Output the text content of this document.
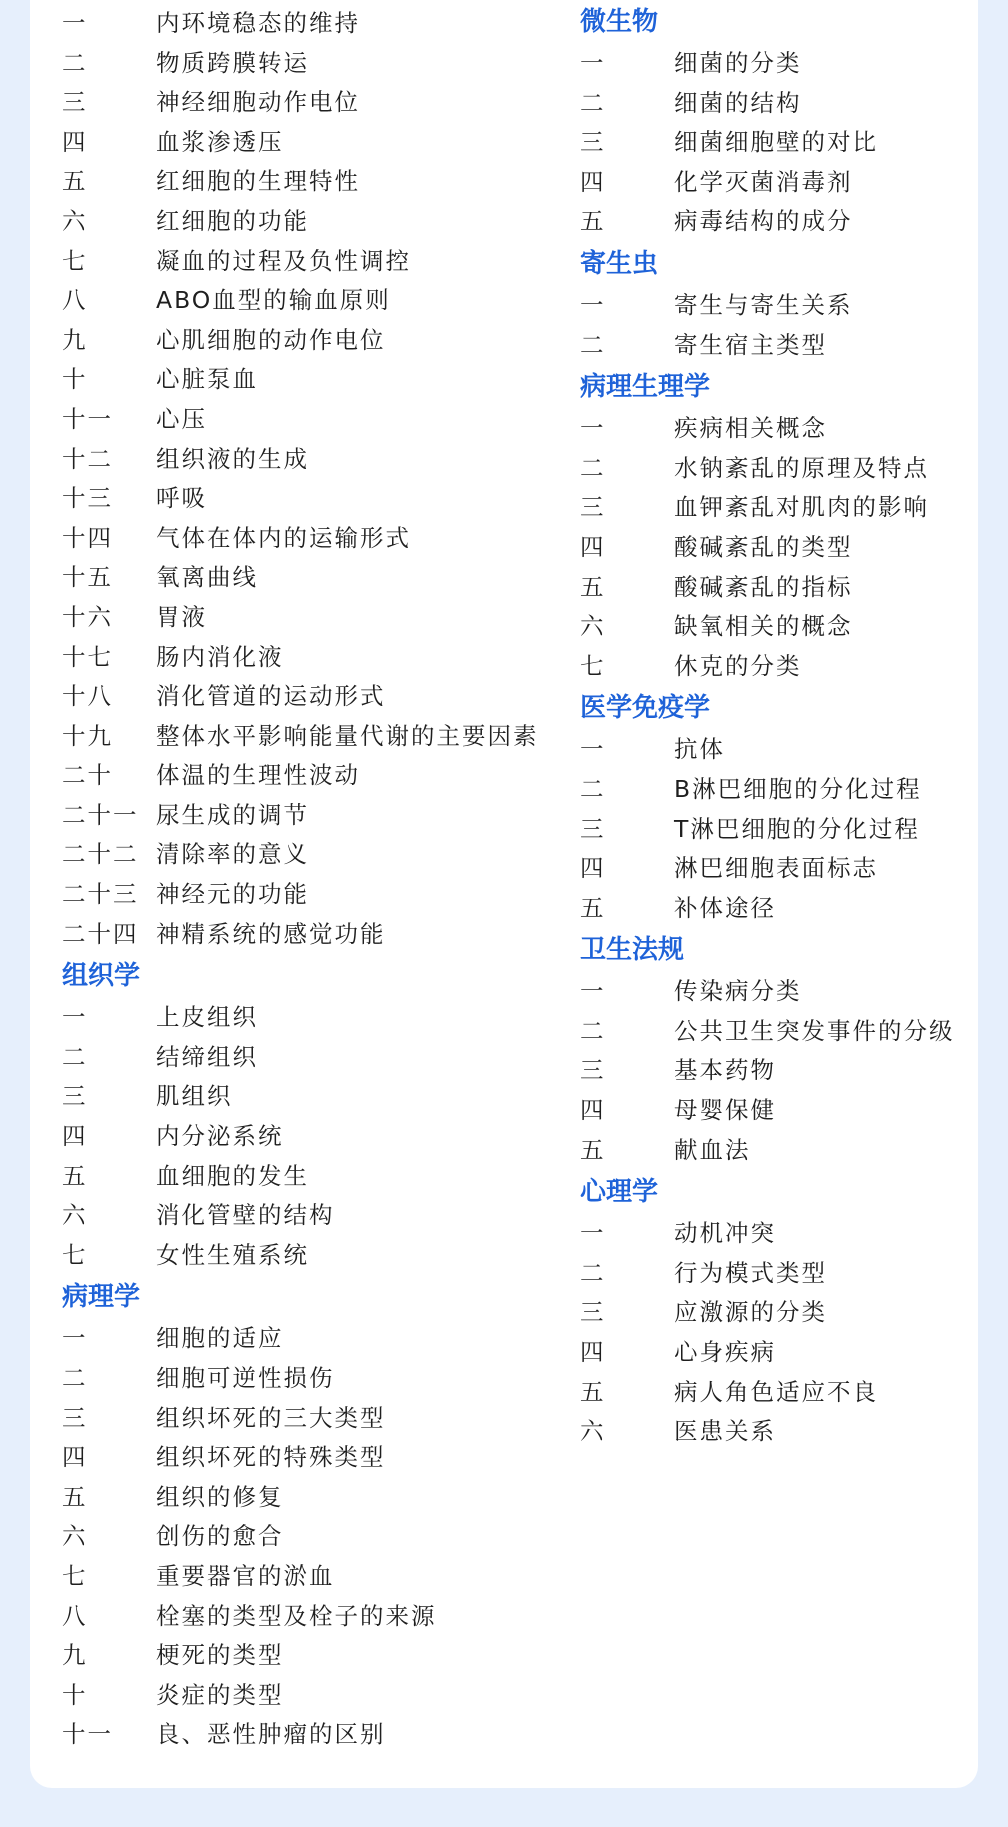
一	内环境稳态的维持
二	物质跨膜转运
三	神经细胞动作电位
四	血浆渗透压
五	红细胞的生理特性
六	红细胞的功能
七	凝血的过程及负性调控
八	ABO血型的输血原则
九	心肌细胞的动作电位
十	心脏泵血
十一	心压
十二	组织液的生成
十三	呼吸
十四	气体在体内的运输形式
十五	氧离曲线
十六	胃液
十七	肠内消化液
十八	消化管道的运动形式
十九	整体水平影响能量代谢的主要因素
二十	体温的生理性波动
二十一 尿生成的调节
二十二 清除率的意义
二十三 神经元的功能
二十四 神精系统的感觉功能
组织学
一	上皮组织
二	结缔组织
三	肌组织
四	内分泌系统
五	血细胞的发生
六	消化管壁的结构
七	女性生殖系统
病理学
一	细胞的适应
二	细胞可逆性损伤
三	组织坏死的三大类型
四	组织坏死的特殊类型
五	组织的修复
六	创伤的愈合
七	重要器官的淤血
八	栓塞的类型及栓子的来源
九	梗死的类型
十	炎症的类型
十一	良、恶性肿瘤的区别
微生物
一	细菌的分类
二	细菌的结构
三	细菌细胞壁的对比
四	化学灭菌消毒剂
五	病毒结构的成分
寄生虫
一	寄生与寄生关系
二	寄生宿主类型
病理生理学
一	疾病相关概念
二	水钠紊乱的原理及特点
三	血钾紊乱对肌肉的影响
四	酸碱紊乱的类型
五	酸碱紊乱的指标
六	缺氧相关的概念
七	休克的分类
医学免疫学
一	抗体
二	B淋巴细胞的分化过程
三	T淋巴细胞的分化过程
四	淋巴细胞表面标志
五	补体途径
卫生法规
一	传染病分类
二	公共卫生突发事件的分级
三	基本药物
四	母婴保健
五	献血法
心理学
一	动机冲突
二	行为模式类型
三	应激源的分类
四	心身疾病
五	病人角色适应不良
六	医患关系
